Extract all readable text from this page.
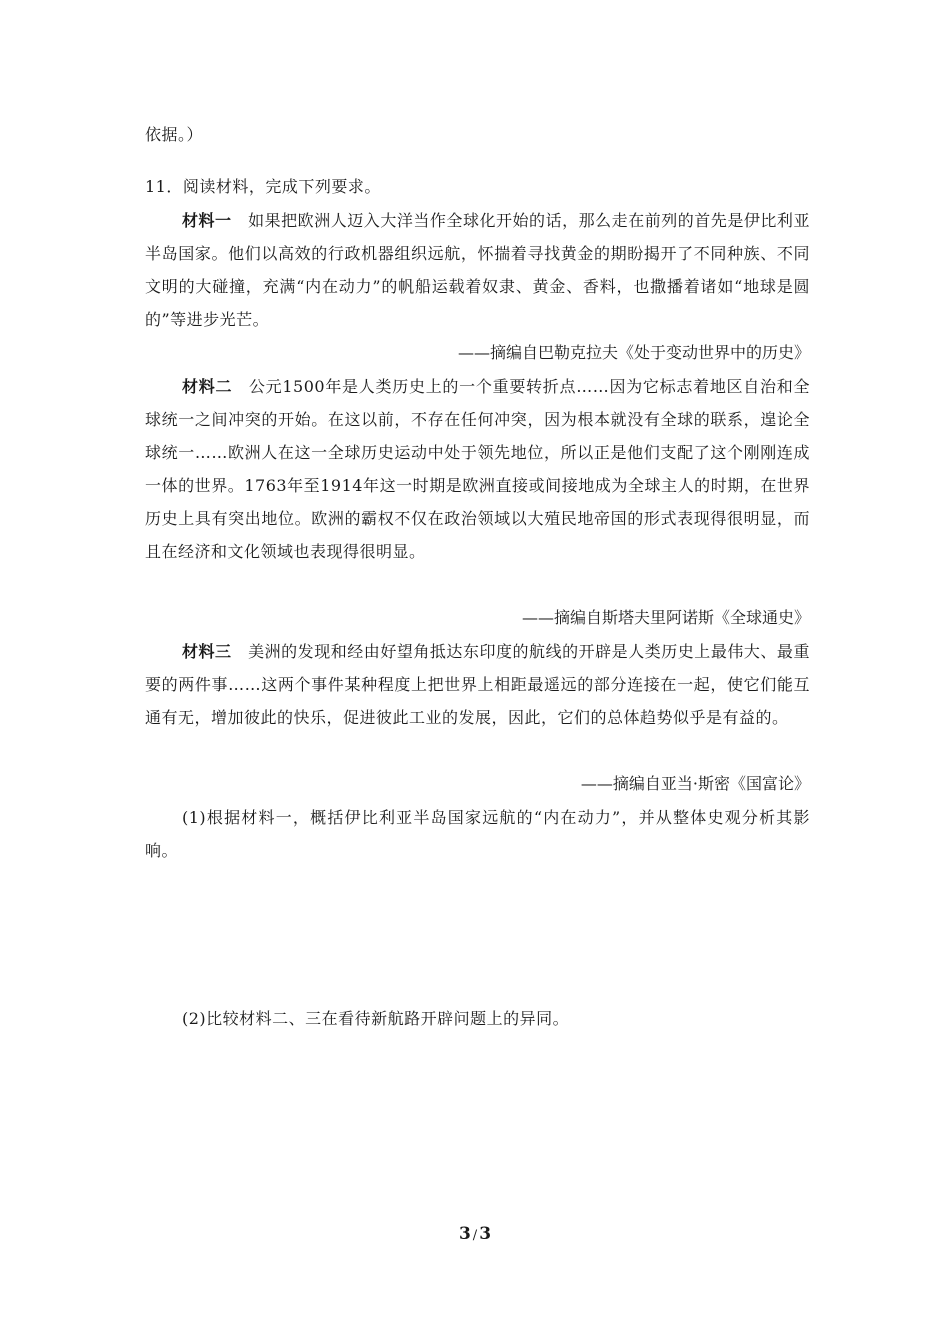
依据。）
11．阅读材料，完成下列要求。
材料一　 如果把欧洲人迈入大洋当作全球化开始的话，那么走在前列的首先是伊比利亚半岛国家。他们以高效的行政机器组织远航，怀揣着寻找黄金的期盼揭开了不同种族、不同文明的大碰撞，充满“内在动力”的帆船运载着奴隶、黄金、香料，也撒播着诸如“地球是圆的”等进步光芒。
——摘编自巴勒克拉夫《处于变动世界中的历史》
材料二　 公元1500年是人类历史上的一个重要转折点……因为它标志着地区自治和全球统一之间冲突的开始。在这以前，不存在任何冲突，因为根本就没有全球的联系，遑论全球统一……欧洲人在这一全球历史运动中处于领先地位，所以正是他们支配了这个刚刚连成一体的世界。1763年至1914年这一时期是欧洲直接或间接地成为全球主人的时期，在世界历史上具有突出地位。欧洲的霸权不仅在政治领域以大殖民地帝国的形式表现得很明显，而且在经济和文化领域也表现得很明显。
——摘编自斯塔夫里阿诺斯《全球通史》
材料三　 美洲的发现和经由好望角抵达东印度的航线的开辟是人类历史上最伟大、最重要的两件事……这两个事件某种程度上把世界上相距最遥远的部分连接在一起，使它们能互通有无，增加彼此的快乐，促进彼此工业的发展，因此，它们的总体趋势似乎是有益的。
——摘编自亚当·斯密《国富论》
(1)根据材料一，概括伊比利亚半岛国家远航的“内在动力”，并从整体史观分析其影响。
(2)比较材料二、三在看待新航路开辟问题上的异同。
3 / 3
